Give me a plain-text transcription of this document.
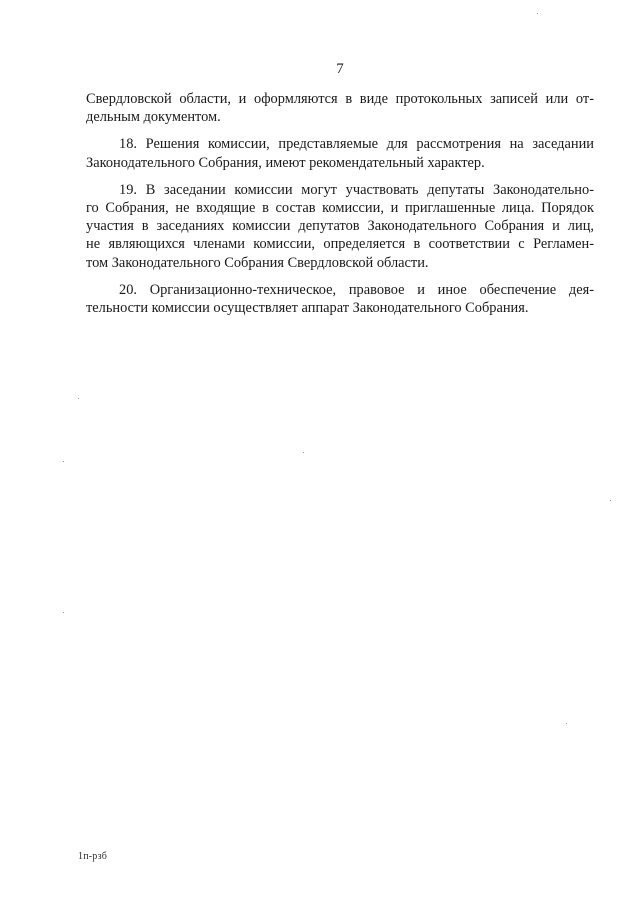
7

Свердловской области, и оформляются в виде протокольных записей или от-
дельным документом.

18. Решения комиссии, представляемые для рассмотрения на заседании
Законодательного Собрания, имеют рекомендательный характер.

19. В заседании комиссии могут участвовать депутаты Законодательно-
го Собрания, не входящие в состав комиссии, и приглашенные лица. Порядок
участия в заседаниях комиссии депутатов Законодательного Собрания и лиц,
не являющихся членами комиссии, определяется в соответствии с Регламен-
том Законодательного Собрания Свердловской области.

20. Организационно-техническое, правовое и иное обеспечение дея-
тельности комиссии осуществляет аппарат Законодательного Собрания.

1п-рзб
